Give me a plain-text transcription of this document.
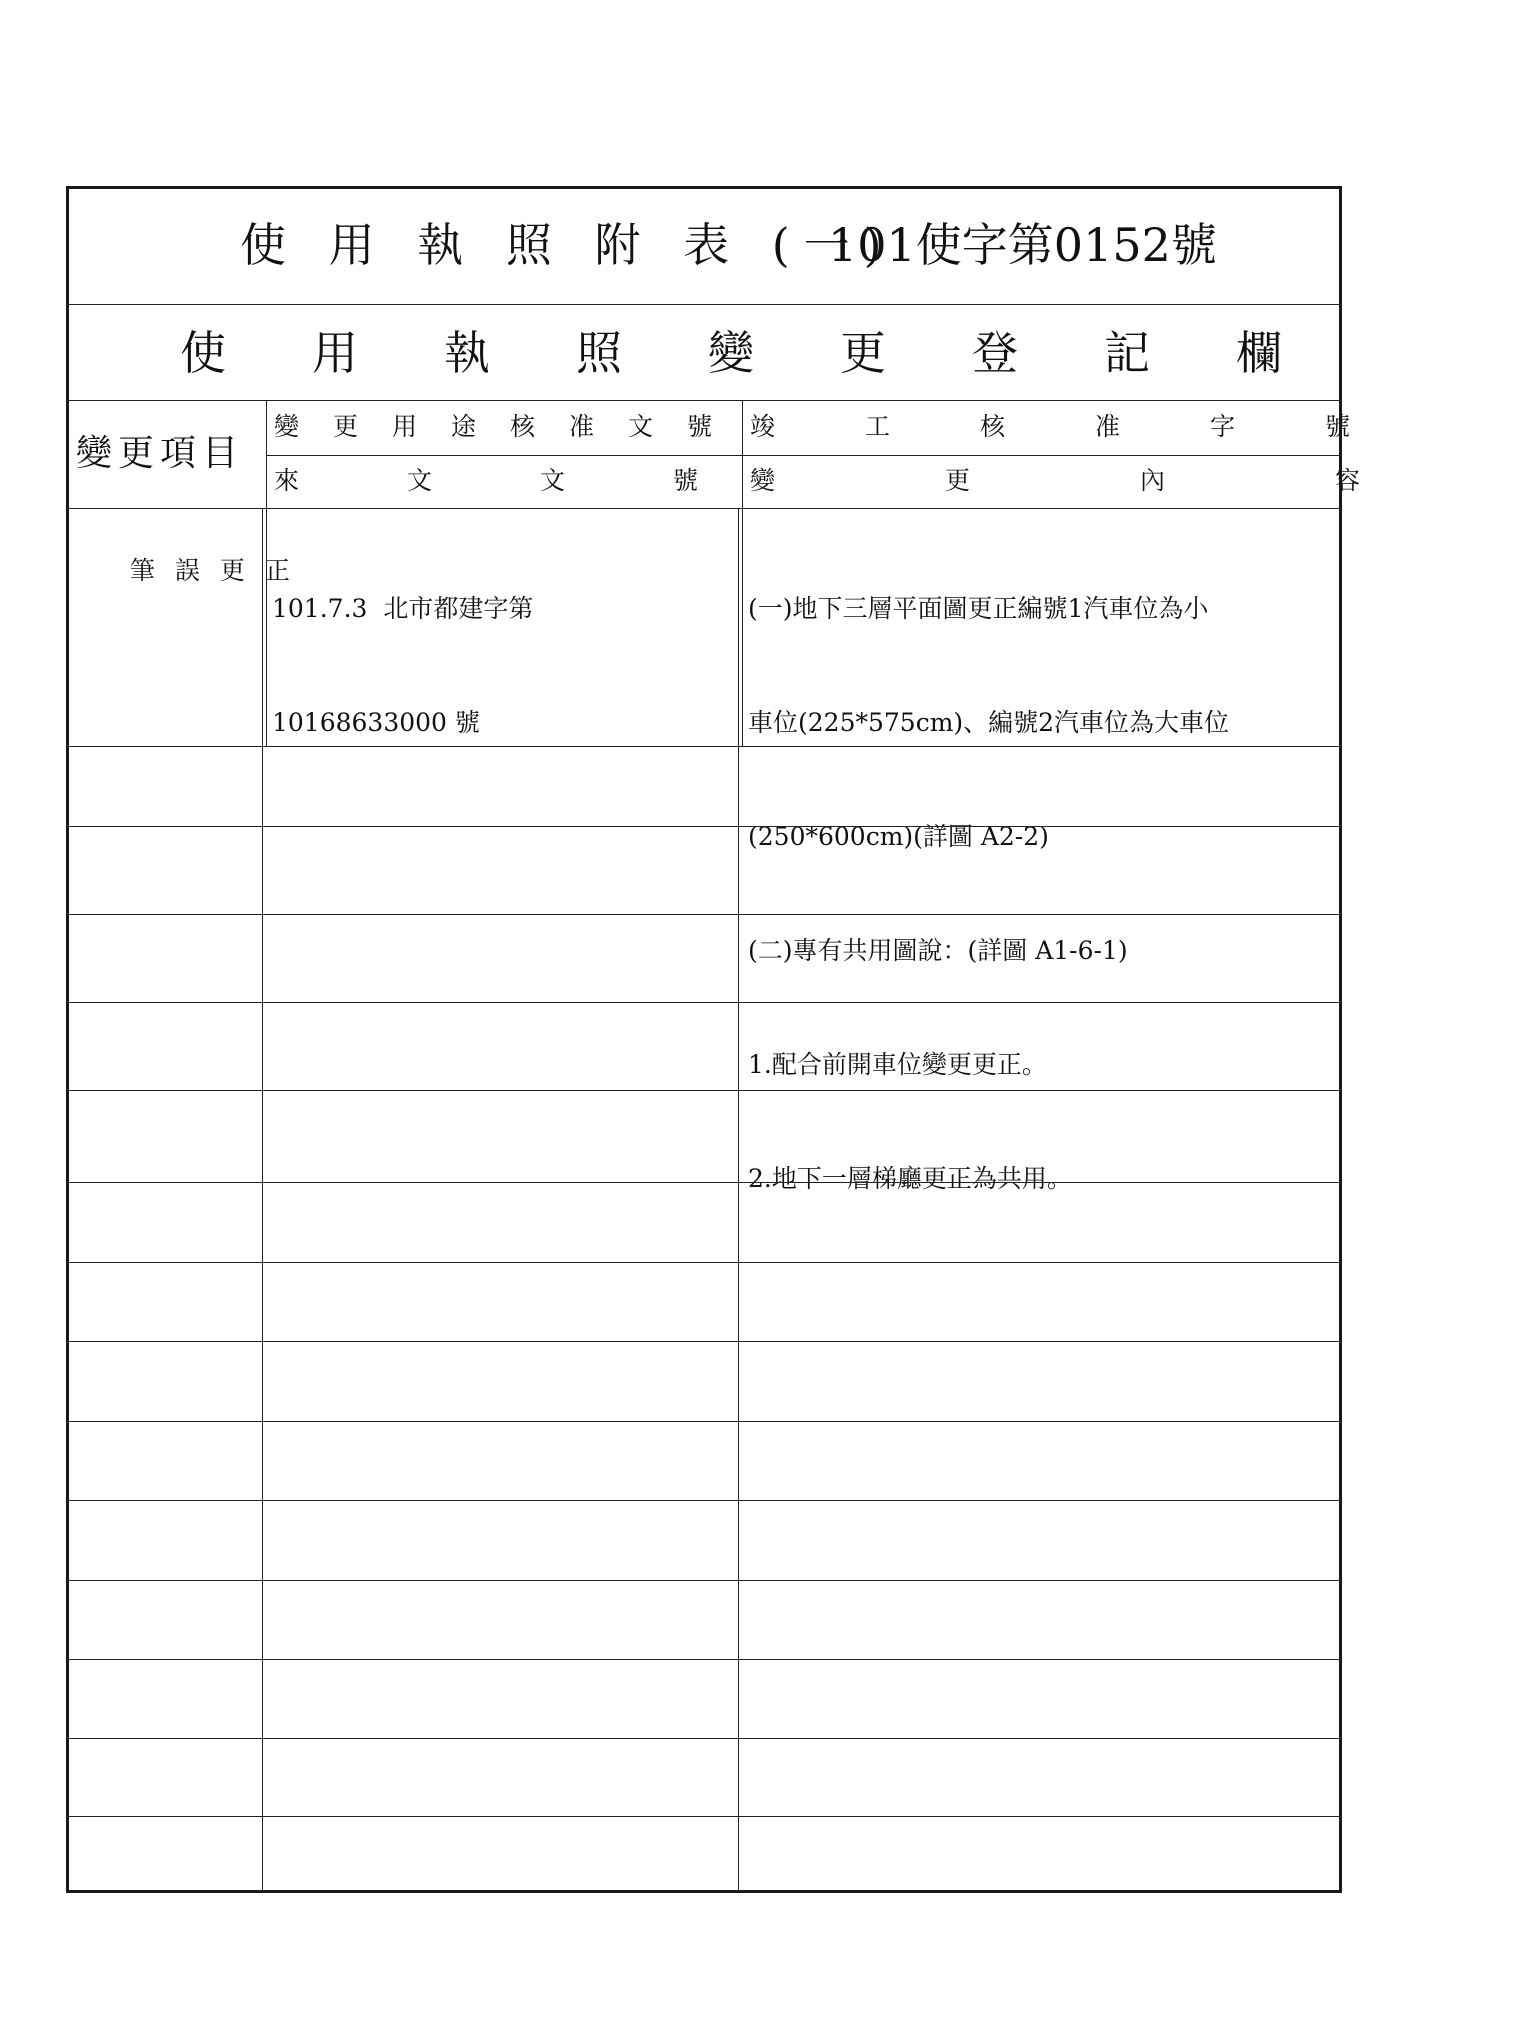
使 用 執 照 附 表 (一)
101使字第0152號
使用執照變更登記欄
變更項目
變更用途核准文號 竣工核准字號
來文文號
變更內容

筆誤更正

101.7.3  北市都建字第

10168633000 號

(一)地下三層平面圖更正編號1汽車位為小

車位(225*575cm)、編號2汽車位為大車位

(250*600cm)(詳圖 A2-2)

(二)專有共用圖說：(詳圖 A1-6-1)

1.配合前開車位變更更正。

2.地下一層梯廳更正為共用。
